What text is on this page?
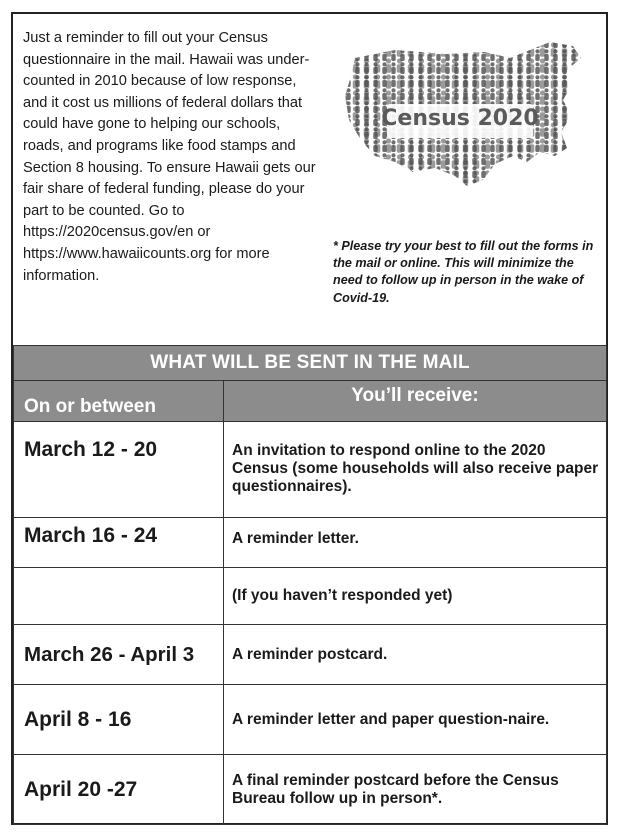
Just a reminder to fill out your Census questionnaire in the mail. Hawaii was under-counted in 2010 because of low response, and it cost us millions of federal dollars that could have gone to helping our schools, roads, and programs like food stamps and Section 8 housing. To ensure Hawaii gets our fair share of federal funding, please do your part to be counted. Go to https://2020census.gov/en or https://www.hawaiicounts.org for more information.

Census 2020
* Please try your best to fill out the forms in the mail or online. This will minimize the need to follow up in person in the wake of Covid-19.
WHAT WILL BE SENT IN THE MAIL	
On or between	You’ll receive:
March 12 - 20	An invitation to respond online to the 2020 Census (some households will also receive paper questionnaires).
March 16 - 24	A reminder letter.
	(If you haven’t responded yet)
March 26 - April 3	A reminder postcard.
April 8 - 16	A reminder letter and paper question-naire.
April 20 -27	A final reminder postcard before the Census Bureau follow up in person*.
